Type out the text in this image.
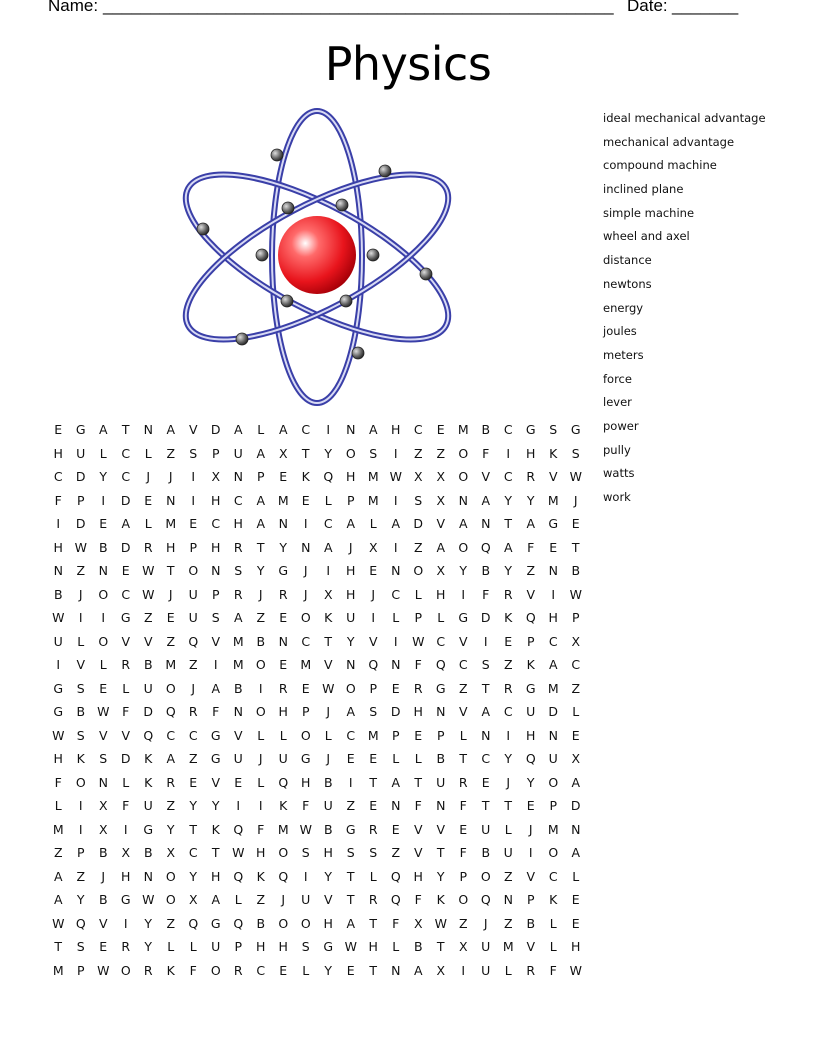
Name: ______________________________________________________ Date: _______
Physics
ideal mechanical advantage
mechanical advantage
compound machine
inclined plane
simple machine
wheel and axel
distance
newtons
energy
joules
meters
force
lever
power
pully
watts
work
E	G	A	T	N	A	V	D	A	L	A	C	I	N	A	H	C	E	M	B	C	G	S	G
H	U	L	C	L	Z	S	P	U	A	X	T	Y	O	S	I	Z	Z	O	F	I	H	K	S
C	D	Y	C	J	J	I	X	N	P	E	K	Q	H M W X	X	O	V	C	R	V W
F	P	I	D	E	N	I	H	C	A	M	E	L	P	M	I	S	X	N	A	Y	Y	M	J
I	D	E	A	L	M	E	C	H	A	N	I	C	A	L	A	D	V	A	N	T	A	G	E
H W B	D	R	H	P	H	R	T	Y	N	A	J	X	I	Z	A	O	Q	A	F	E	T
N	Z	N	E W T	O	N	S	Y	G	J	I	H	E	N	O	X	Y	B	Y	Z	N	B
B	J	O	C W	J	U	P	R	J	R	J	X	H	J	C	L	H	I	F	R	V	I	W
W	I	I	G	Z	E	U	S	A	Z	E	O	K	U	I	L	P	L	G	D	K	Q	H	P
U	L	O	V	V	Z	Q	V	M	B	N	C	T	Y	V	I	W C	V	I	E	P	C	X
I	V	L	R	B	M	Z	I	M O	E	M	V	N	Q	N	F	Q	C	S	Z	K	A	C
G	S	E	L	U	O	J	A	B	I	R	E W O	P	E	R	G	Z	T	R	G M	Z
G	B W	F	D	Q	R	F	N	O	H	P	J	A	S	D	H	N	V	A	C	U	D	L
W S	V	V	Q	C	C	G	V	L	L	O	L	C	M	P	E	P	L	N	I	H	N	E
H	K	S	D	K	A	Z	G	U	J	U	G	J	E	E	L	L	B	T	C	Y	Q	U	X
F	O	N	L	K	R	E	V	E	L	Q	H	B	I	T	A	T	U	R	E	J	Y	O	A
L	I	X	F	U	Z	Y	Y	I	I	K	F	U	Z	E	N	F	N	F	T	T	E	P	D
M	I	X	I	G	Y	T	K	Q	F	M W B	G	R	E	V	V	E	U	L	J	M N
Z	P	B	X	B	X	C	T	W H	O	S	H	S	S	Z	V	T	F	B	U	I	O	A
A	Z	J	H	N	O	Y	H	Q	K	Q	I	Y	T	L	Q	H	Y	P	O	Z	V	C	L
A	Y	B	G W O	X	A	L	Z	J	U	V	T	R	Q	F	K	O	Q	N	P	K	E
W Q	V	I	Y	Z	Q	G	Q	B	O	O	H	A	T	F	X W Z	J	Z	B	L	E
T	S	E	R	Y	L	L	U	P	H	H	S	G W H	L	B	T	X	U	M	V	L	H
M	P	W O	R	K	F	O	R	C	E	L	Y	E	T	N	A	X	I	U	L	R	F	W
